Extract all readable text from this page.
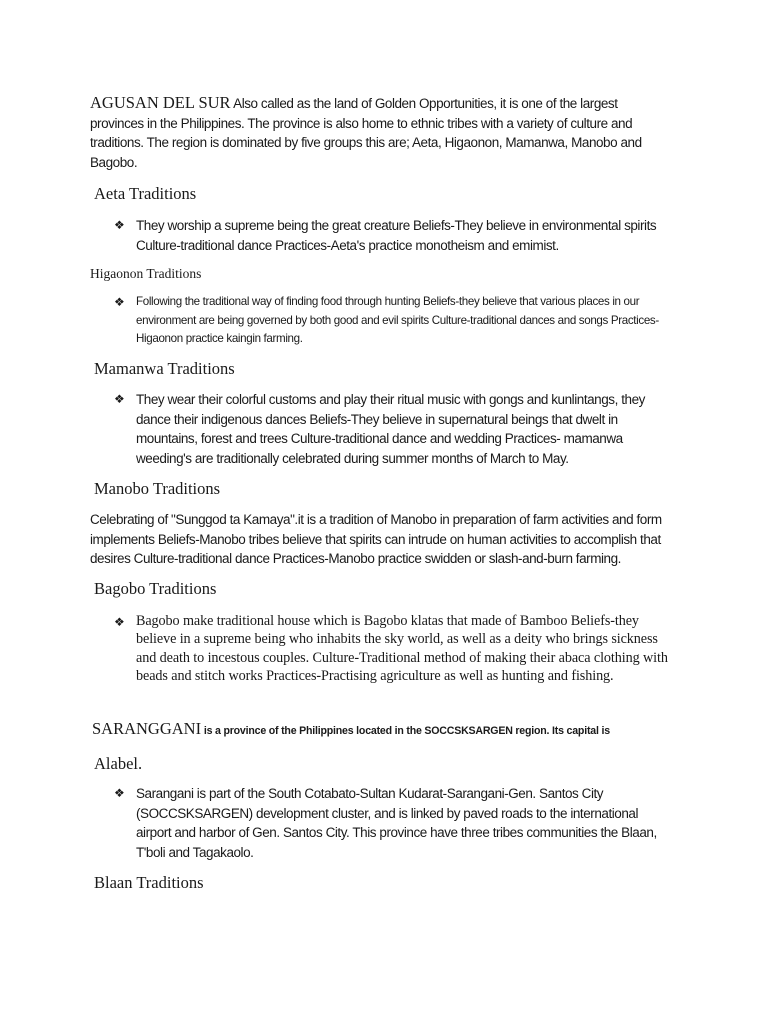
AGUSAN DEL SUR Also called as the land of Golden Opportunities, it is one of the largest provinces in the Philippines. The province is also home to ethnic tribes with a variety of culture and traditions. The region is dominated by five groups this are; Aeta, Higaonon, Mamanwa, Manobo and Bagobo.
Aeta Traditions
❖ They worship a supreme being the great creature Beliefs-They believe in environmental spirits Culture-traditional dance Practices-Aeta's practice monotheism and emimist.
Higaonon Traditions
❖ Following the traditional way of finding food through hunting Beliefs-they believe that various places in our environment are being governed by both good and evil spirits Culture-traditional dances and songs Practices-Higaonon practice kaingin farming.
Mamanwa Traditions
❖ They wear their colorful customs and play their ritual music with gongs and kunlintangs, they dance their indigenous dances Beliefs-They believe in supernatural beings that dwelt in mountains, forest and trees Culture-traditional dance and wedding Practices- mamanwa weeding's are traditionally celebrated during summer months of March to May.
Manobo Traditions
Celebrating of "Sunggod ta Kamaya".it is a tradition of Manobo in preparation of farm activities and form implements Beliefs-Manobo tribes believe that spirits can intrude on human activities to accomplish that desires Culture-traditional dance Practices-Manobo practice swidden or slash-and-burn farming.
Bagobo Traditions
❖ Bagobo make traditional house which is Bagobo klatas that made of Bamboo Beliefs-they believe in a supreme being who inhabits the sky world, as well as a deity who brings sickness and death to incestous couples. Culture-Traditional method of making their abaca clothing with beads and stitch works Practices-Practising agriculture as well as hunting and fishing.
SARANGGANI is a province of the Philippines located in the SOCCSKSARGEN region. Its capital is
Alabel.
❖ Sarangani is part of the South Cotabato-Sultan Kudarat-Sarangani-Gen. Santos City (SOCCSKSARGEN) development cluster, and is linked by paved roads to the international airport and harbor of Gen. Santos City. This province have three tribes communities the Blaan, T'boli and Tagakaolo.
Blaan Traditions
